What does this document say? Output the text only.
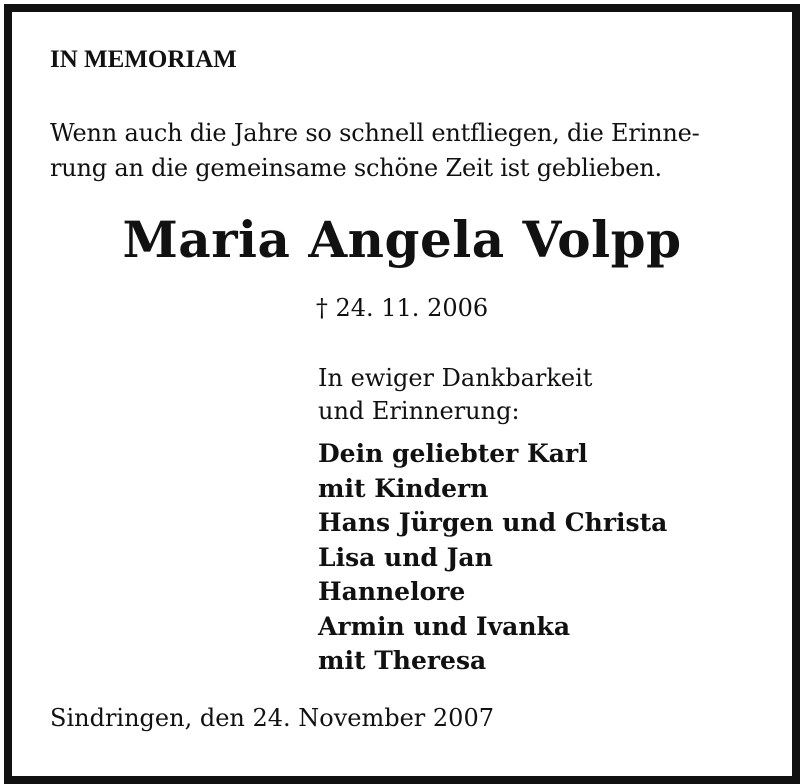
IN MEMORIAM
Wenn auch die Jahre so schnell entfliegen, die Erinne-
rung an die gemeinsame schöne Zeit ist geblieben.
Maria Angela Volpp
† 24. 11. 2006
In ewiger Dankbarkeit
und Erinnerung:
Dein geliebter Karl
mit Kindern
Hans Jürgen und Christa
Lisa und Jan
Hannelore
Armin und Ivanka
mit Theresa
Sindringen, den 24. November 2007
